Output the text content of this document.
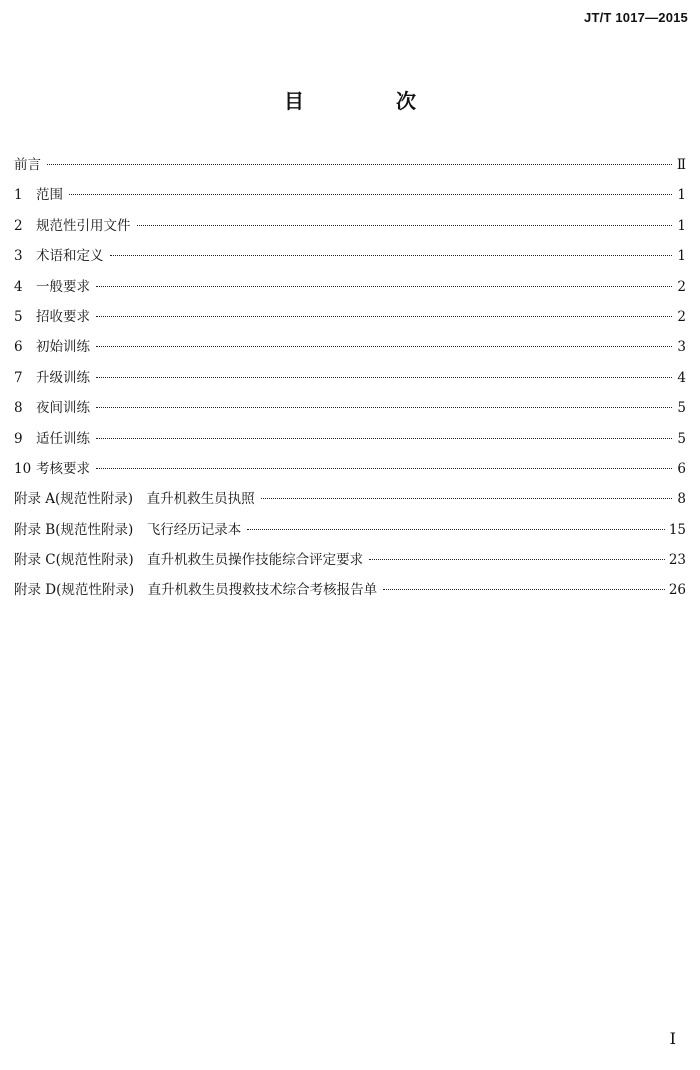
JT/T 1017—2015
目　次
前言	Ⅱ
1 范围	1
2 规范性引用文件	1
3 术语和定义	1
4 一般要求	2
5 招收要求	2
6 初始训练	3
7 升级训练	4
8 夜间训练	5
9 适任训练	5
10 考核要求	6
附录 A(规范性附录)　直升机救生员执照	8
附录 B(规范性附录)　飞行经历记录本	15
附录 C(规范性附录)　直升机救生员操作技能综合评定要求	23
附录 D(规范性附录)　直升机救生员搜救技术综合考核报告单	26
I
